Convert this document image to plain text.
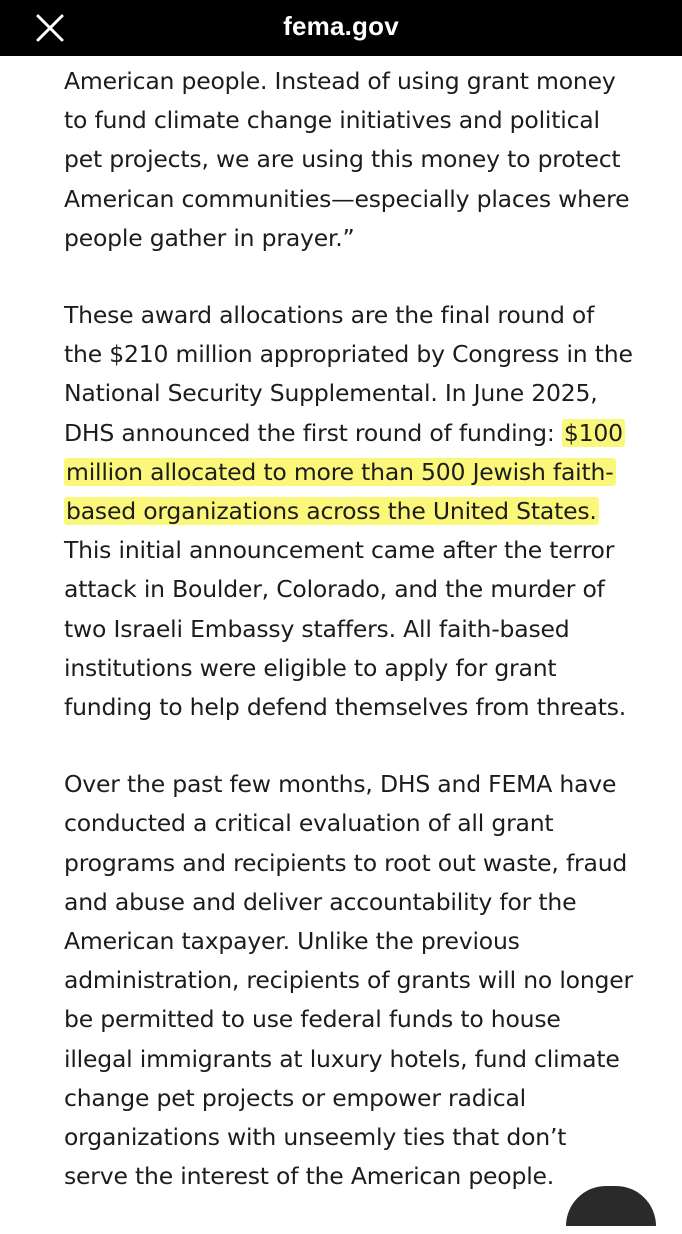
fema.gov

American people. Instead of using grant money to fund climate change initiatives and political pet projects, we are using this money to protect American communities—especially places where people gather in prayer.”

These award allocations are the final round of the $210 million appropriated by Congress in the National Security Supplemental. In June 2025, DHS announced the first round of funding: $100 million allocated to more than 500 Jewish faith-based organizations across the United States. This initial announcement came after the terror attack in Boulder, Colorado, and the murder of two Israeli Embassy staffers. All faith-based institutions were eligible to apply for grant funding to help defend themselves from threats.

Over the past few months, DHS and FEMA have conducted a critical evaluation of all grant programs and recipients to root out waste, fraud and abuse and deliver accountability for the American taxpayer. Unlike the previous administration, recipients of grants will no longer be permitted to use federal funds to house illegal immigrants at luxury hotels, fund climate change pet projects or empower radical organizations with unseemly ties that don’t serve the interest of the American people.
